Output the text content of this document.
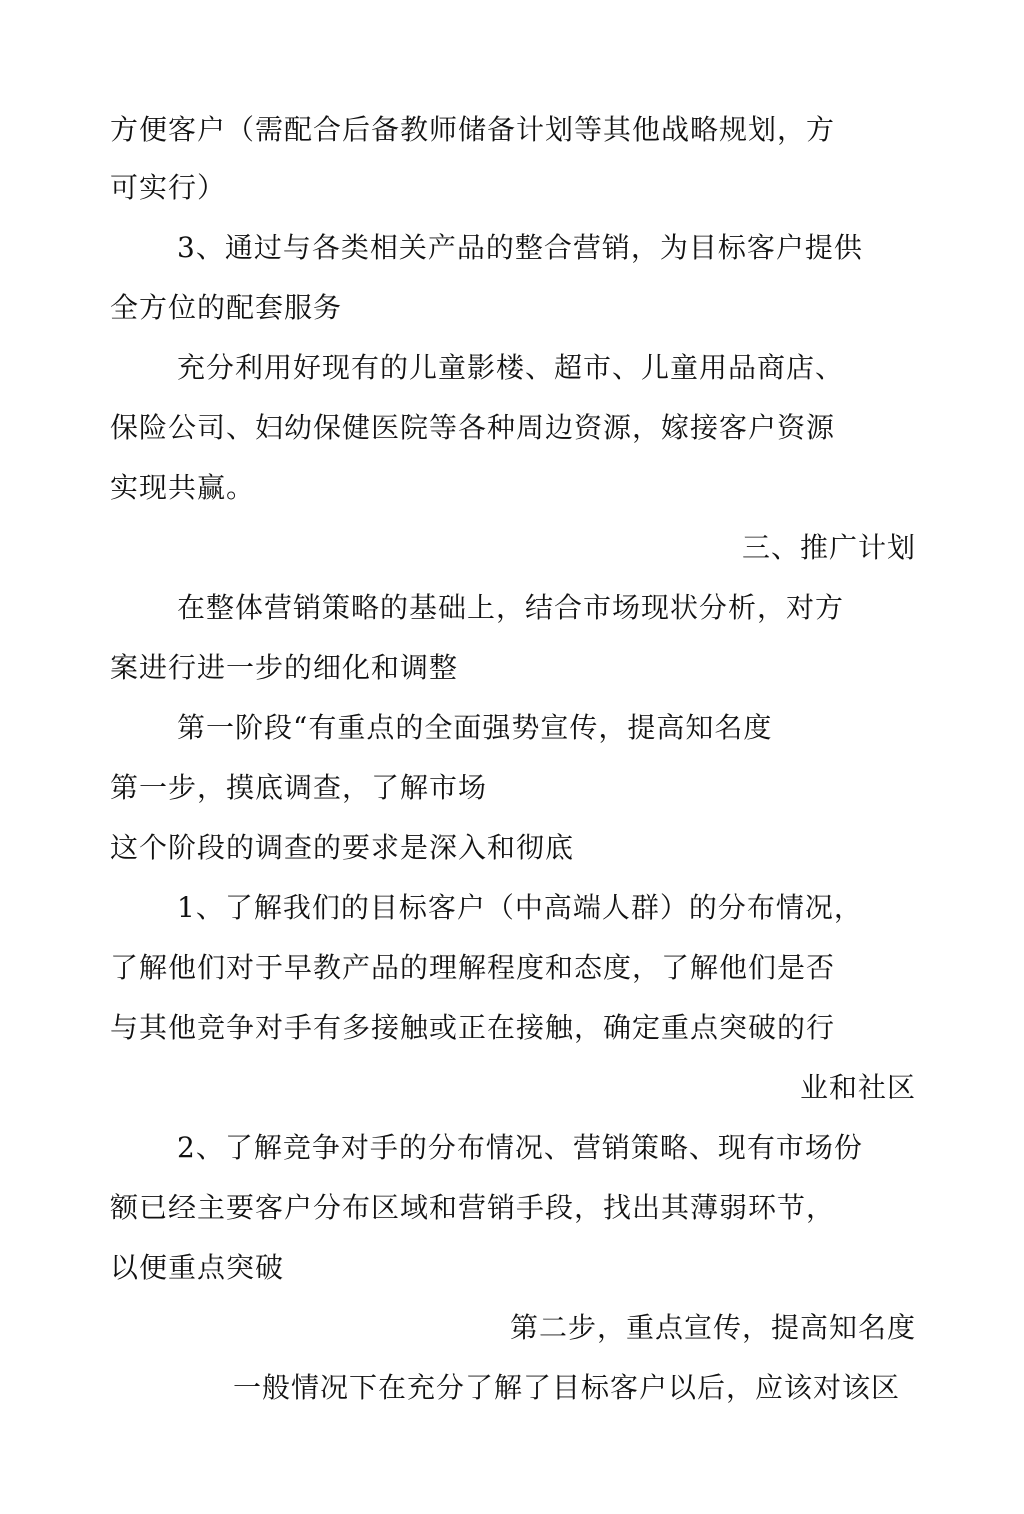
方便客户（需配合后备教师储备计划等其他战略规划，方
可实行）
3、通过与各类相关产品的整合营销，为目标客户提供
全方位的配套服务
充分利用好现有的儿童影楼、超市、儿童用品商店、
保险公司、妇幼保健医院等各种周边资源，嫁接客户资源
实现共赢。
三、推广计划
在整体营销策略的基础上，结合市场现状分析，对方
案进行进一步的细化和调整
第一阶段“有重点的全面强势宣传，提高知名度
第一步，摸底调查，了解市场
这个阶段的调查的要求是深入和彻底
1、了解我们的目标客户（中高端人群）的分布情况，
了解他们对于早教产品的理解程度和态度，了解他们是否
与其他竞争对手有多接触或正在接触，确定重点突破的行
业和社区
2、了解竞争对手的分布情况、营销策略、现有市场份
额已经主要客户分布区域和营销手段，找出其薄弱环节，
以便重点突破
第二步，重点宣传，提高知名度
一般情况下在充分了解了目标客户以后，应该对该区
